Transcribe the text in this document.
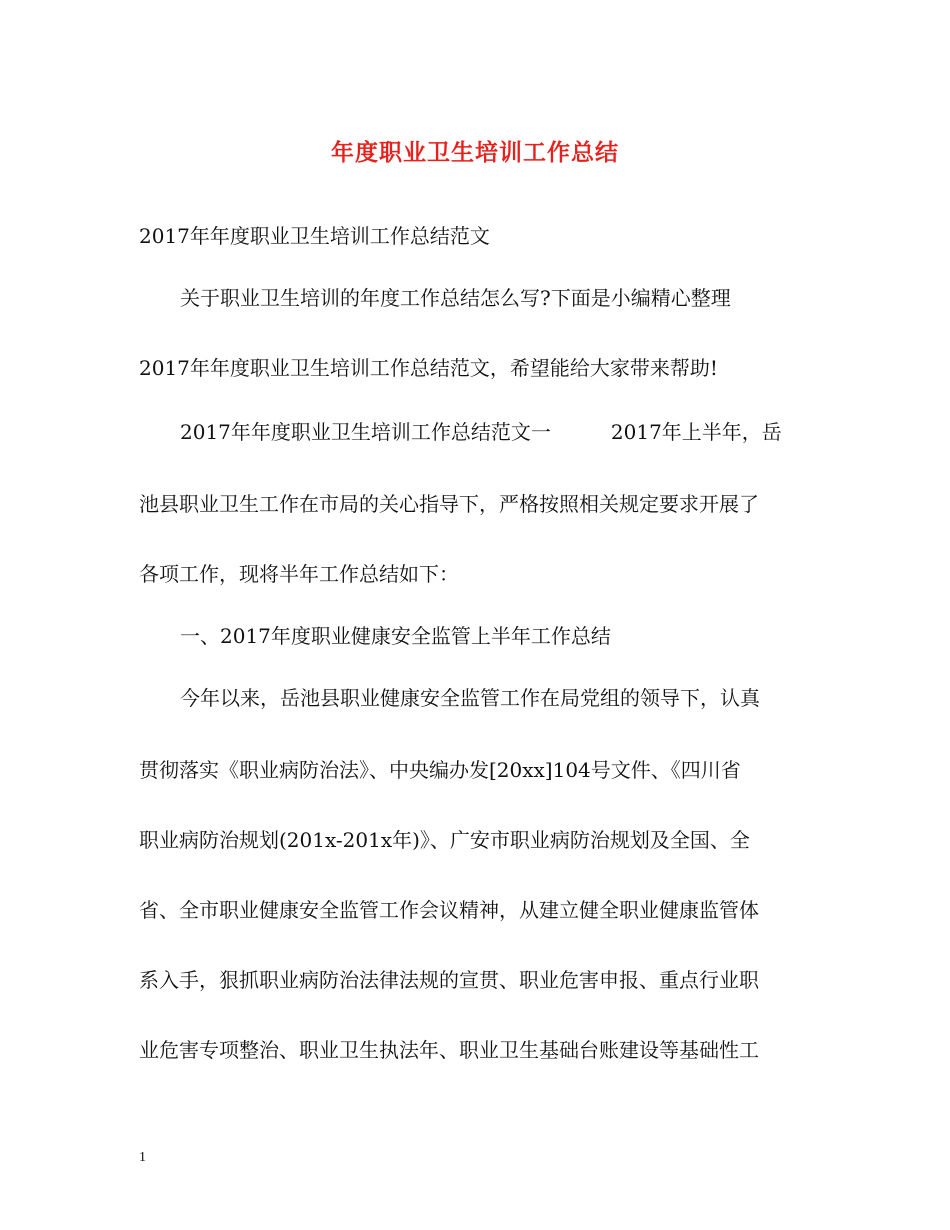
年度职业卫生培训工作总结
2017年年度职业卫生培训工作总结范文
关于职业卫生培训的年度工作总结怎么写?下面是小编精心整理
2017年年度职业卫生培训工作总结范文，希望能给大家带来帮助!
2017年年度职业卫生培训工作总结范文一　　　2017年上半年，岳
池县职业卫生工作在市局的关心指导下，严格按照相关规定要求开展了
各项工作，现将半年工作总结如下：
一、2017年度职业健康安全监管上半年工作总结
今年以来，岳池县职业健康安全监管工作在局党组的领导下，认真
贯彻落实《职业病防治法》、中央编办发[20xx]104号文件、《四川省
职业病防治规划(201x-201x年)》、广安市职业病防治规划及全国、全
省、全市职业健康安全监管工作会议精神，从建立健全职业健康监管体
系入手，狠抓职业病防治法律法规的宣贯、职业危害申报、重点行业职
业危害专项整治、职业卫生执法年、职业卫生基础台账建设等基础性工
1
